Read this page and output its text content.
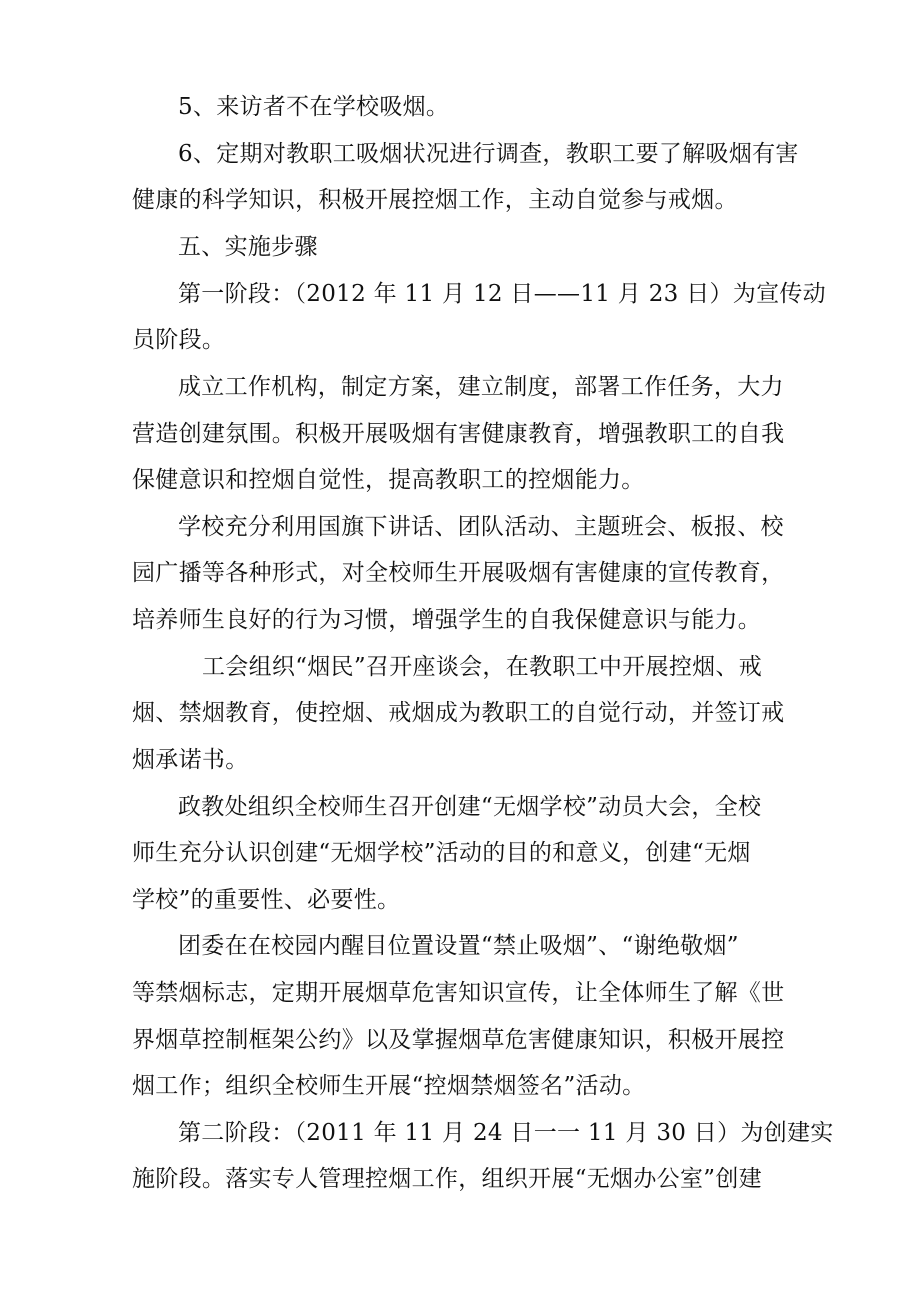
5、来访者不在学校吸烟。
6、定期对教职工吸烟状况进行调查，教职工要了解吸烟有害
健康的科学知识，积极开展控烟工作，主动自觉参与戒烟。
五、实施步骤
第一阶段：（2012 年 11 月 12 日——11 月 23 日）为宣传动
员阶段。
成立工作机构，制定方案，建立制度，部署工作任务，大力
营造创建氛围。积极开展吸烟有害健康教育，增强教职工的自我
保健意识和控烟自觉性，提高教职工的控烟能力。
学校充分利用国旗下讲话、团队活动、主题班会、板报、校
园广播等各种形式，对全校师生开展吸烟有害健康的宣传教育，
培养师生良好的行为习惯，增强学生的自我保健意识与能力。
工会组织“烟民”召开座谈会，在教职工中开展控烟、戒
烟、禁烟教育，使控烟、戒烟成为教职工的自觉行动，并签订戒
烟承诺书。
政教处组织全校师生召开创建“无烟学校”动员大会，全校
师生充分认识创建“无烟学校”活动的目的和意义，创建“无烟
学校”的重要性、必要性。
团委在在校园内醒目位置设置“禁止吸烟”、“谢绝敬烟”
等禁烟标志，定期开展烟草危害知识宣传，让全体师生了解《世
界烟草控制框架公约》以及掌握烟草危害健康知识，积极开展控
烟工作；组织全校师生开展“控烟禁烟签名”活动。
第二阶段：（2011 年 11 月 24 日一一 11 月 30 日）为创建实
施阶段。落实专人管理控烟工作，组织开展“无烟办公室”创建
